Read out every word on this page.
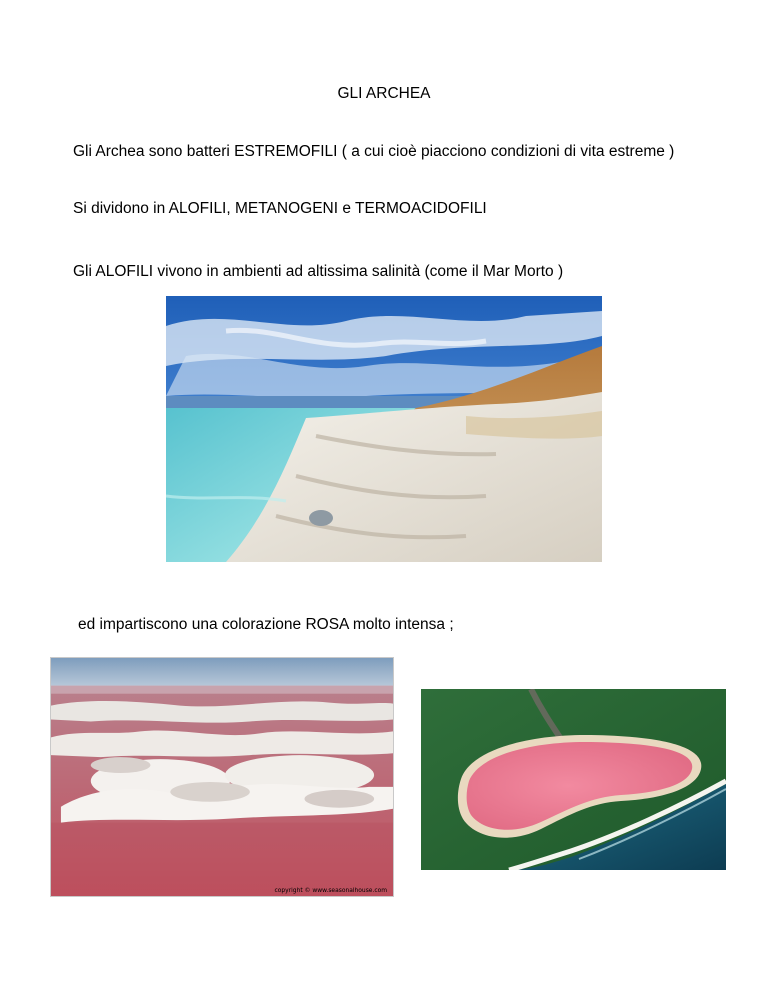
GLI ARCHEA

Gli Archea sono batteri ESTREMOFILI ( a cui cioè piacciono condizioni di vita estreme )

Si dividono in ALOFILI, METANOGENI e TERMOACIDOFILI

Gli ALOFILI vivono in ambienti ad altissima salinità (come il Mar Morto )

ed impartiscono una colorazione ROSA molto intensa ;

copyright © www.seasonalhouse.com
